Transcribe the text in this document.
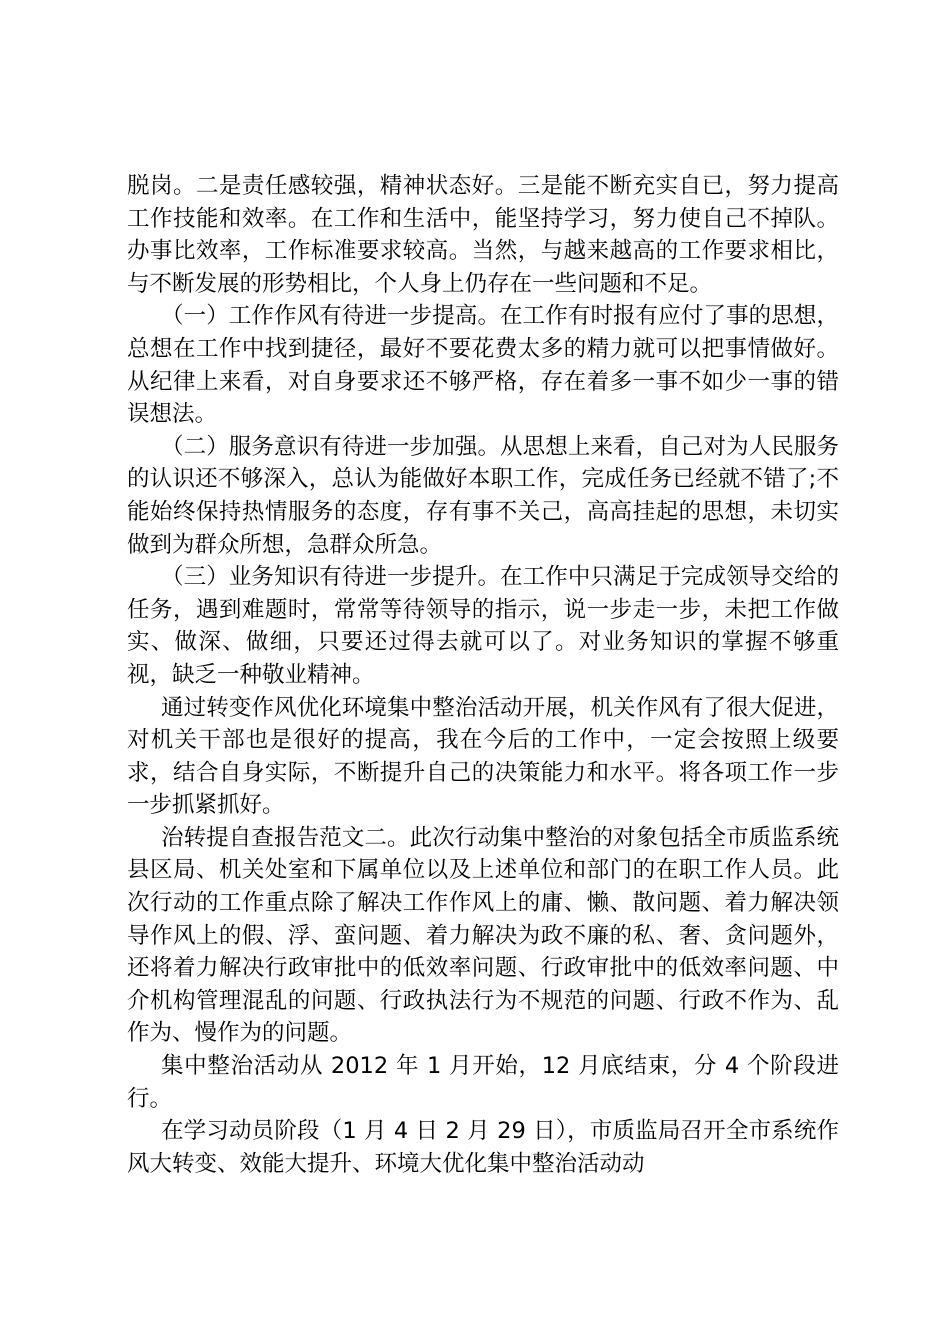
脱岗。二是责任感较强，精神状态好。三是能不断充实自已，努力提高工作技能和效率。在工作和生活中，能坚持学习，努力使自己不掉队。办事比效率，工作标准要求较高。当然，与越来越高的工作要求相比，与不断发展的形势相比，个人身上仍存在一些问题和不足。

（一）工作作风有待进一步提高。在工作有时报有应付了事的思想，总想在工作中找到捷径，最好不要花费太多的精力就可以把事情做好。从纪律上来看，对自身要求还不够严格，存在着多一事不如少一事的错误想法。

（二）服务意识有待进一步加强。从思想上来看，自己对为人民服务的认识还不够深入，总认为能做好本职工作，完成任务已经就不错了;不能始终保持热情服务的态度，存有事不关己，高高挂起的思想，未切实做到为群众所想，急群众所急。

（三）业务知识有待进一步提升。在工作中只满足于完成领导交给的任务，遇到难题时，常常等待领导的指示，说一步走一步，未把工作做实、做深、做细，只要还过得去就可以了。对业务知识的掌握不够重视，缺乏一种敬业精神。

通过转变作风优化环境集中整治活动开展，机关作风有了很大促进，对机关干部也是很好的提高，我在今后的工作中，一定会按照上级要求，结合自身实际，不断提升自己的决策能力和水平。将各项工作一步一步抓紧抓好。

治转提自查报告范文二。此次行动集中整治的对象包括全市质监系统县区局、机关处室和下属单位以及上述单位和部门的在职工作人员。此次行动的工作重点除了解决工作作风上的庸、懒、散问题、着力解决领导作风上的假、浮、蛮问题、着力解决为政不廉的私、奢、贪问题外，还将着力解决行政审批中的低效率问题、行政审批中的低效率问题、中介机构管理混乱的问题、行政执法行为不规范的问题、行政不作为、乱作为、慢作为的问题。

集中整治活动从 2012 年 1 月开始，12 月底结束，分 4 个阶段进行。

在学习动员阶段（1 月 4 日 2 月 29 日），市质监局召开全市系统作风大转变、效能大提升、环境大优化集中整治活动动
